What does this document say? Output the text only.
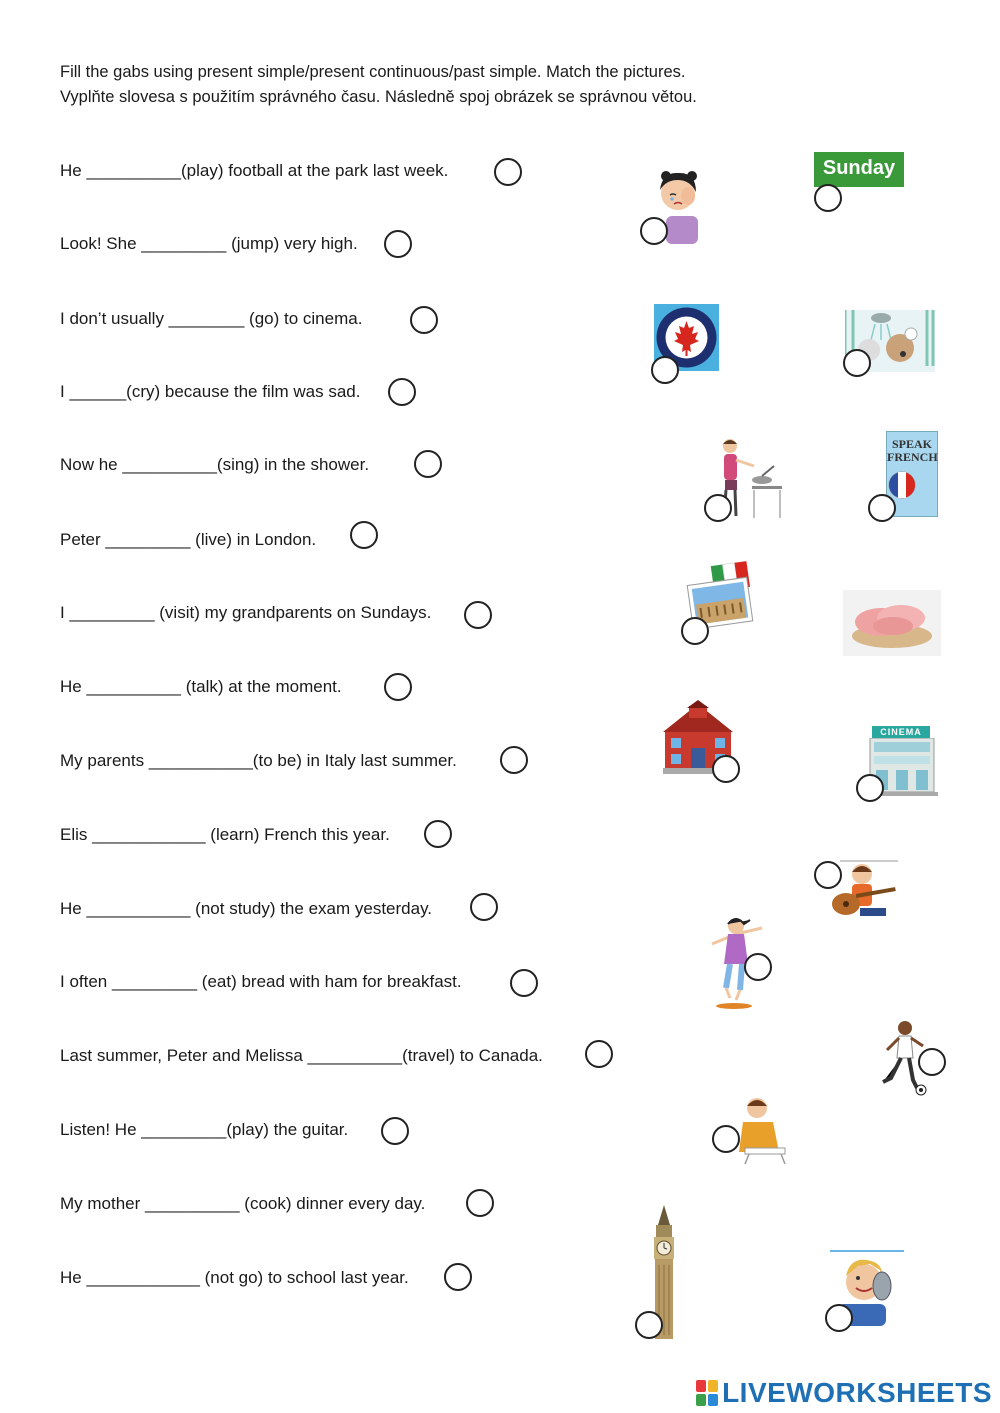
Fill the gabs using present simple/present continuous/past simple. Match the pictures.
Vyplňte slovesa s použitím správného času. Následně spoj obrázek se správnou větou.
He __________(play) football at the park last week.
Look! She _________ (jump) very high.
I don’t usually ________ (go) to cinema.
I ______(cry) because the film was sad.
Now he __________(sing) in the shower.
Peter _________ (live) in London.
I _________ (visit) my grandparents on Sundays.
He __________ (talk) at the moment.
My parents ___________(to be) in Italy last summer.
Elis ____________ (learn) French this year.
He ___________ (not study) the exam yesterday.
I often _________ (eat) bread with ham for breakfast.
Last summer, Peter and Melissa __________(travel) to Canada.
Listen! He _________(play) the guitar.
My mother __________ (cook) dinner every day.
He ____________ (not go) to school last year.
Sunday
SPEAK
FRENCH
CINEMA
LIVEWORKSHEETS
